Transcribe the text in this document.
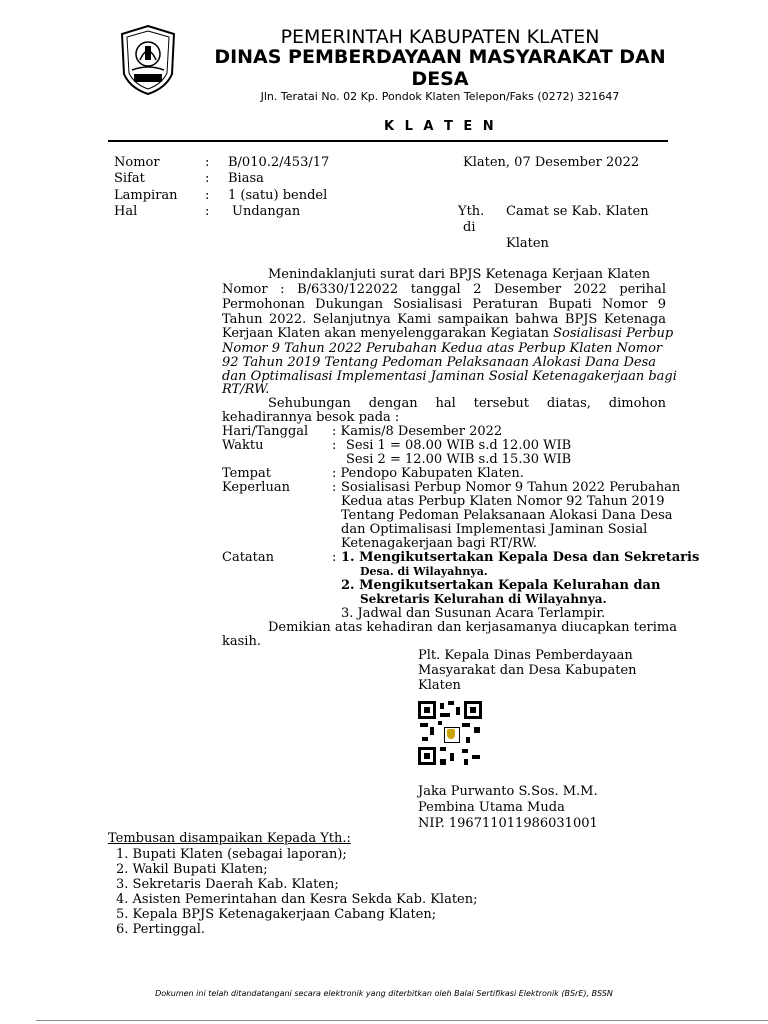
PEMERINTAH KABUPATEN KLATEN
DINAS PEMBERDAYAAN MASYARAKAT DAN
DESA
Jln. Teratai No. 02 Kp. Pondok Klaten Telepon/Faks (0272) 321647
K L A T E N
Nomor	: B/010.2/453/17
Sifat	: Biasa
Lampiran : 1 (satu) bendel
Hal	: Undangan
Klaten, 07 Desember 2022
Yth. Camat se Kab. Klaten
di
Klaten
Menindaklanjuti surat dari BPJS Ketenaga Kerjaan Klaten
Nomor : B/6330/122022 tanggal 2 Desember 2022 perihal
Permohonan Dukungan Sosialisasi Peraturan Bupati Nomor 9
Tahun 2022. Selanjutnya Kami sampaikan bahwa BPJS Ketenaga
Kerjaan Klaten akan menyelenggarakan Kegiatan Sosialisasi Perbup
Nomor 9 Tahun 2022 Perubahan Kedua atas Perbup Klaten Nomor
92 Tahun 2019 Tentang Pedoman Pelaksanaan Alokasi Dana Desa
dan Optimalisasi Implementasi Jaminan Sosial Ketenagakerjaan bagi
RT/RW.
Sehubungan dengan hal tersebut diatas, dimohon
kehadirannya besok pada :
Hari/Tanggal : Kamis/8 Desember 2022
Waktu	: Sesi 1 = 08.00 WIB s.d 12.00 WIB
Sesi 2 = 12.00 WIB s.d 15.30 WIB
Tempat	: Pendopo Kabupaten Klaten.
Keperluan	: Sosialisasi Perbup Nomor 9 Tahun 2022 Perubahan
Kedua atas Perbup Klaten Nomor 92 Tahun 2019
Tentang Pedoman Pelaksanaan Alokasi Dana Desa
dan Optimalisasi Implementasi Jaminan Sosial
Ketenagakerjaan bagi RT/RW.
Catatan	: 1. Mengikutsertakan Kepala Desa dan Sekretaris
Desa. di Wilayahnya.
2. Mengikutsertakan Kepala Kelurahan dan
Sekretaris Kelurahan di Wilayahnya.
3. Jadwal dan Susunan Acara Terlampir.
Demikian atas kehadiran dan kerjasamanya diucapkan terima
kasih.
Plt. Kepala Dinas Pemberdayaan
Masyarakat dan Desa Kabupaten
Klaten
Jaka Purwanto S.Sos. M.M.
Pembina Utama Muda
NIP. 196711011986031001
Tembusan disampaikan Kepada Yth.:
1. Bupati Klaten (sebagai laporan);
2. Wakil Bupati Klaten;
3. Sekretaris Daerah Kab. Klaten;
4. Asisten Pemerintahan dan Kesra Sekda Kab. Klaten;
5. Kepala BPJS Ketenagakerjaan Cabang Klaten;
6. Pertinggal.
Dokumen ini telah ditandatangani secara elektronik yang diterbitkan oleh Balai Sertifikasi Elektronik (BSrE), BSSN
